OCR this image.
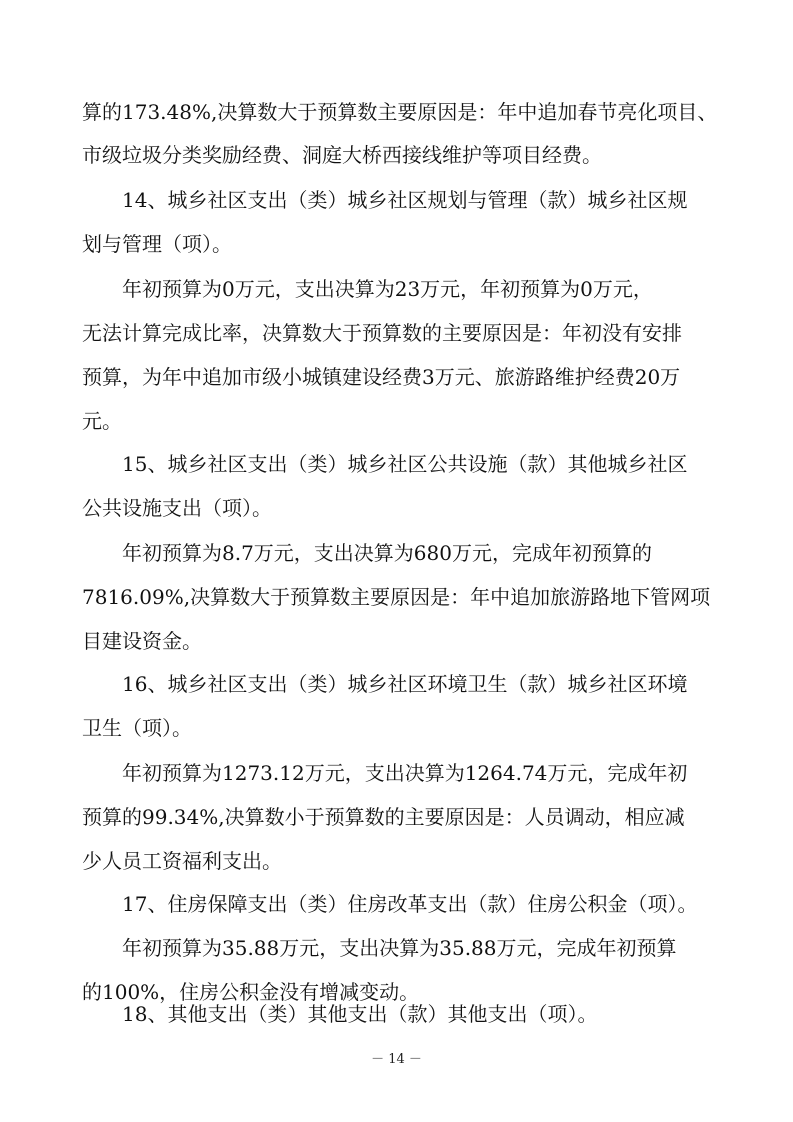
算的173.48%,决算数大于预算数主要原因是：年中追加春节亮化项目、
市级垃圾分类奖励经费、洞庭大桥西接线维护等项目经费。
14、城乡社区支出（类）城乡社区规划与管理（款）城乡社区规
划与管理（项）。
年初预算为0万元，支出决算为23万元，年初预算为0万元，
无法计算完成比率，决算数大于预算数的主要原因是：年初没有安排
预算，为年中追加市级小城镇建设经费3万元、旅游路维护经费20万
元。
15、城乡社区支出（类）城乡社区公共设施（款）其他城乡社区
公共设施支出（项）。
年初预算为8.7万元，支出决算为680万元，完成年初预算的
7816.09%,决算数大于预算数主要原因是：年中追加旅游路地下管网项
目建设资金。
16、城乡社区支出（类）城乡社区环境卫生（款）城乡社区环境
卫生（项）。
年初预算为1273.12万元，支出决算为1264.74万元，完成年初
预算的99.34%,决算数小于预算数的主要原因是：人员调动，相应减
少人员工资福利支出。
17、住房保障支出（类）住房改革支出（款）住房公积金（项）。
年初预算为35.88万元，支出决算为35.88万元，完成年初预算
的100%，住房公积金没有增减变动。
18、其他支出（类）其他支出（款）其他支出（项）。
－ 14 －
